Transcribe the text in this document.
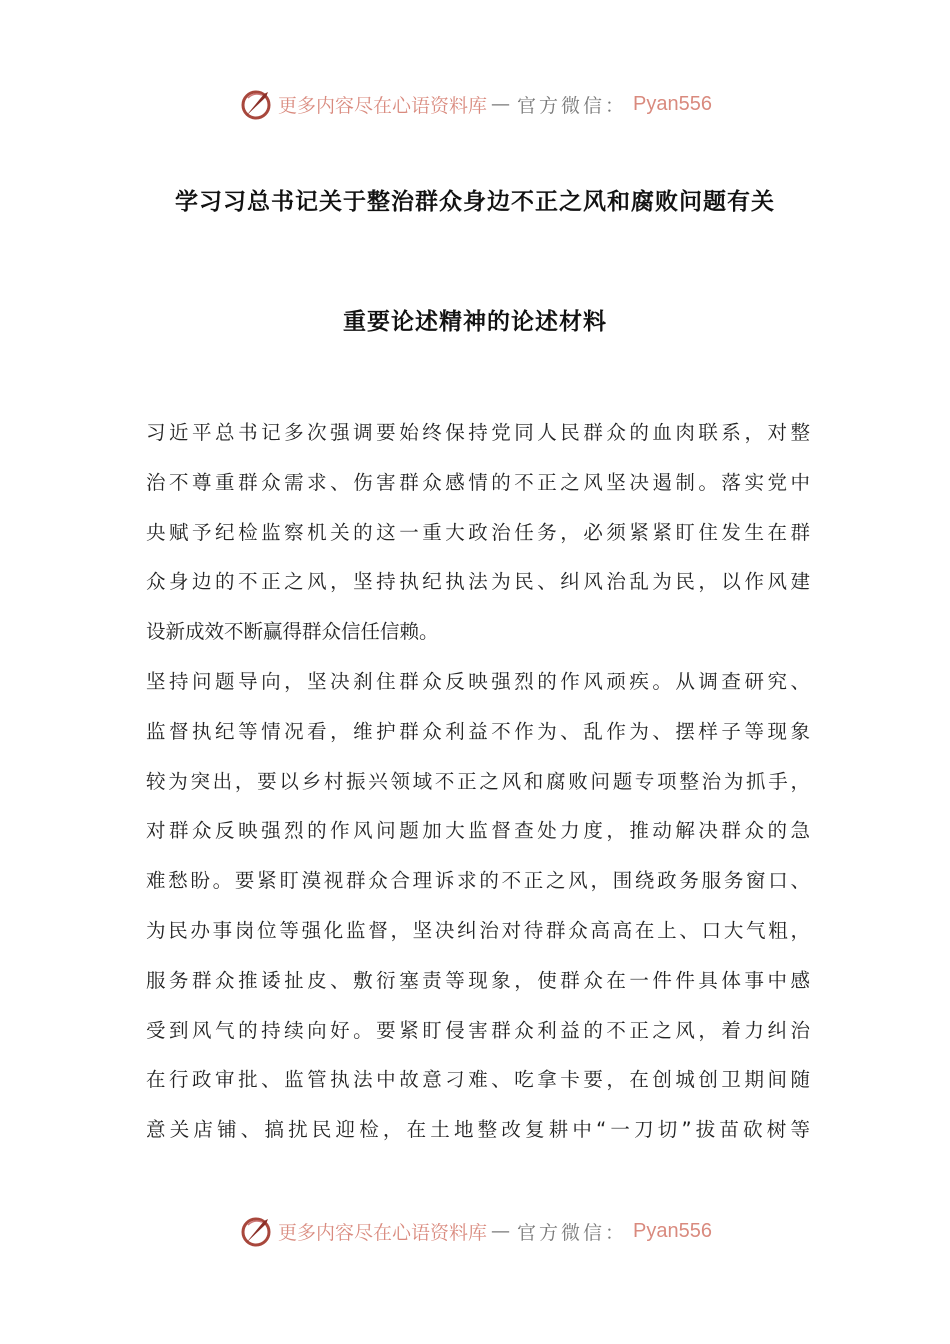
更多内容尽在心语资料库 — 官方微信： Pyan556
学习习总书记关于整治群众身边不正之风和腐败问题有关
重要论述精神的论述材料
习近平总书记多次强调要始终保持党同人民群众的血肉联系，对整
治不尊重群众需求、伤害群众感情的不正之风坚决遏制。落实党中
央赋予纪检监察机关的这一重大政治任务，必须紧紧盯住发生在群
众身边的不正之风，坚持执纪执法为民、纠风治乱为民，以作风建
设新成效不断赢得群众信任信赖。
坚持问题导向，坚决刹住群众反映强烈的作风顽疾。从调查研究、
监督执纪等情况看，维护群众利益不作为、乱作为、摆样子等现象
较为突出，要以乡村振兴领域不正之风和腐败问题专项整治为抓手，
对群众反映强烈的作风问题加大监督查处力度，推动解决群众的急
难愁盼。要紧盯漠视群众合理诉求的不正之风，围绕政务服务窗口、
为民办事岗位等强化监督，坚决纠治对待群众高高在上、口大气粗，
服务群众推诿扯皮、敷衍塞责等现象，使群众在一件件具体事中感
受到风气的持续向好。要紧盯侵害群众利益的不正之风，着力纠治
在行政审批、监管执法中故意刁难、吃拿卡要，在创城创卫期间随
意关店铺、搞扰民迎检，在土地整改复耕中“一刀切”拔苗砍树等
更多内容尽在心语资料库 — 官方微信： Pyan556
